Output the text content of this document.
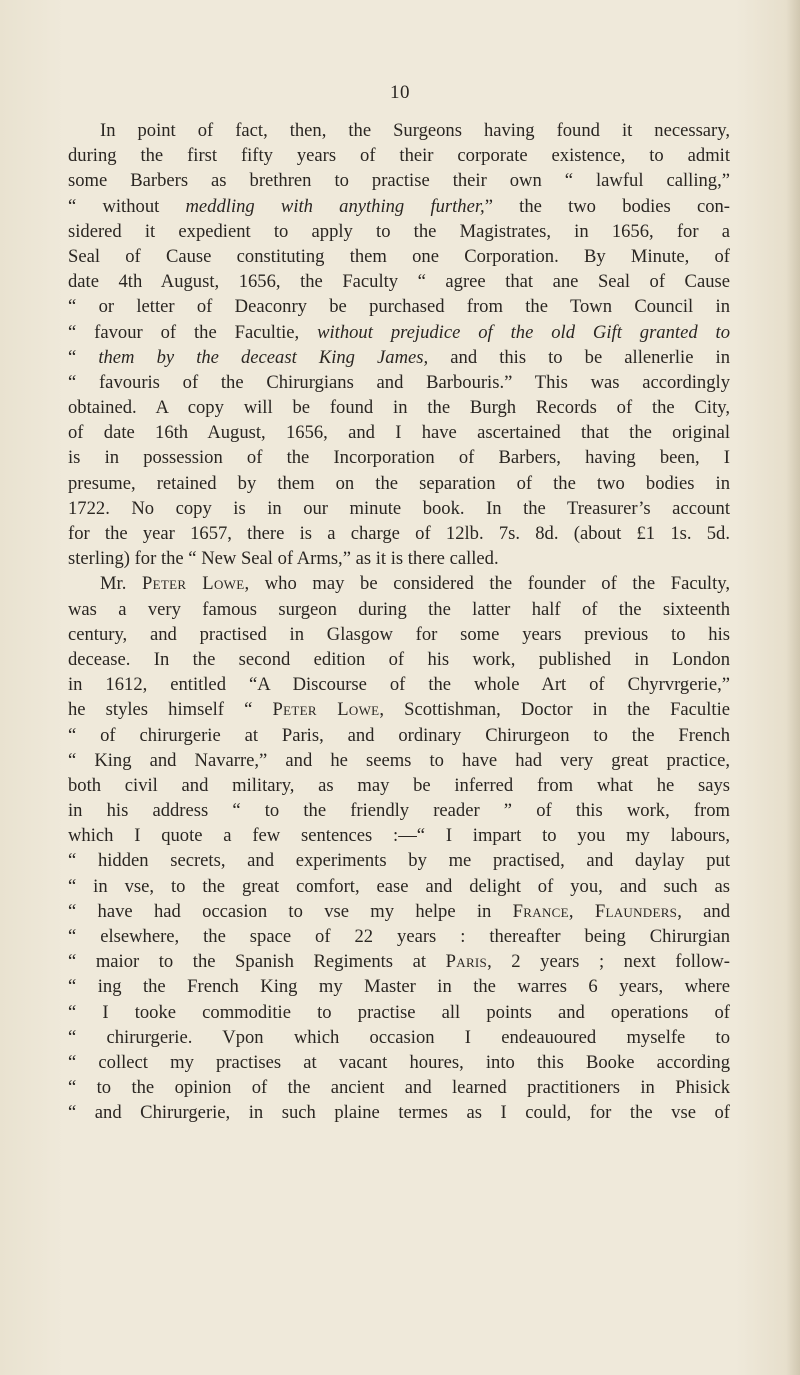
10
In point of fact, then, the Surgeons having found it necessary,
during the first fifty years of their corporate existence, to admit
some Barbers as brethren to practise their own “ lawful calling,”
“ without meddling with anything further,” the two bodies con-
sidered it expedient to apply to the Magistrates, in 1656, for a
Seal of Cause constituting them one Corporation. By Minute, of
date 4th August, 1656, the Faculty “ agree that ane Seal of Cause
“ or letter of Deaconry be purchased from the Town Council in
“ favour of the Facultie, without prejudice of the old Gift granted to
“ them by the deceast King James, and this to be allenerlie in
“ favouris of the Chirurgians and Barbouris.” This was accordingly
obtained. A copy will be found in the Burgh Records of the City,
of date 16th August, 1656, and I have ascertained that the original
is in possession of the Incorporation of Barbers, having been, I
presume, retained by them on the separation of the two bodies in
1722. No copy is in our minute book. In the Treasurer’s account
for the year 1657, there is a charge of 12lb. 7s. 8d. (about £1 1s. 5d.
sterling) for the “ New Seal of Arms,” as it is there called.
Mr. Peter Lowe, who may be considered the founder of the Faculty,
was a very famous surgeon during the latter half of the sixteenth
century, and practised in Glasgow for some years previous to his
decease. In the second edition of his work, published in London
in 1612, entitled “A Discourse of the whole Art of Chyrvrgerie,”
he styles himself “ Peter Lowe, Scottishman, Doctor in the Facultie
“ of chirurgerie at Paris, and ordinary Chirurgeon to the French
“ King and Navarre,” and he seems to have had very great practice,
both civil and military, as may be inferred from what he says
in his address “ to the friendly reader ” of this work, from
which I quote a few sentences :—“ I impart to you my labours,
“ hidden secrets, and experiments by me practised, and daylay put
“ in vse, to the great comfort, ease and delight of you, and such as
“ have had occasion to vse my helpe in France, Flaunders, and
“ elsewhere, the space of 22 years : thereafter being Chirurgian
“ maior to the Spanish Regiments at Paris, 2 years ; next follow-
“ ing the French King my Master in the warres 6 years, where
“ I tooke commoditie to practise all points and operations of
“ chirurgerie. Vpon which occasion I endeauoured myselfe to
“ collect my practises at vacant houres, into this Booke according
“ to the opinion of the ancient and learned practitioners in Phisick
“ and Chirurgerie, in such plaine termes as I could, for the vse of
